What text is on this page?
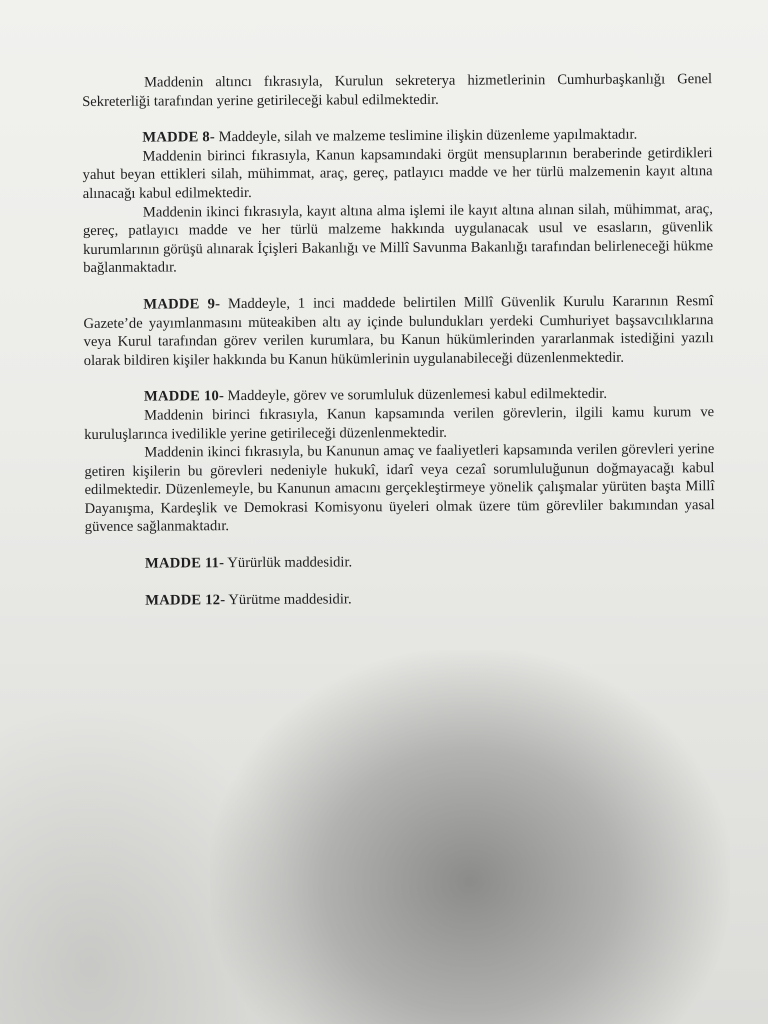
Maddenin altıncı fıkrasıyla, Kurulun sekreterya hizmetlerinin Cumhurbaşkanlığı Genel Sekreterliği tarafından yerine getirileceği kabul edilmektedir.

MADDE 8- Maddeyle, silah ve malzeme teslimine ilişkin düzenleme yapılmaktadır.

Maddenin birinci fıkrasıyla, Kanun kapsamındaki örgüt mensuplarının beraberinde getirdikleri yahut beyan ettikleri silah, mühimmat, araç, gereç, patlayıcı madde ve her türlü malzemenin kayıt altına alınacağı kabul edilmektedir.

Maddenin ikinci fıkrasıyla, kayıt altına alma işlemi ile kayıt altına alınan silah, mühimmat, araç, gereç, patlayıcı madde ve her türlü malzeme hakkında uygulanacak usul ve esasların, güvenlik kurumlarının görüşü alınarak İçişleri Bakanlığı ve Millî Savunma Bakanlığı tarafından belirleneceği hükme bağlanmaktadır.

MADDE 9- Maddeyle, 1 inci maddede belirtilen Millî Güvenlik Kurulu Kararının Resmî Gazete’de yayımlanmasını müteakiben altı ay içinde bulundukları yerdeki Cumhuriyet başsavcılıklarına veya Kurul tarafından görev verilen kurumlara, bu Kanun hükümlerinden yararlanmak istediğini yazılı olarak bildiren kişiler hakkında bu Kanun hükümlerinin uygulanabileceği düzenlenmektedir.

MADDE 10- Maddeyle, görev ve sorumluluk düzenlemesi kabul edilmektedir.

Maddenin birinci fıkrasıyla, Kanun kapsamında verilen görevlerin, ilgili kamu kurum ve kuruluşlarınca ivedilikle yerine getirileceği düzenlenmektedir.

Maddenin ikinci fıkrasıyla, bu Kanunun amaç ve faaliyetleri kapsamında verilen görevleri yerine getiren kişilerin bu görevleri nedeniyle hukukî, idarî veya cezaî sorumluluğunun doğmayacağı kabul edilmektedir. Düzenlemeyle, bu Kanunun amacını gerçekleştirmeye yönelik çalışmalar yürüten başta Millî Dayanışma, Kardeşlik ve Demokrasi Komisyonu üyeleri olmak üzere tüm görevliler bakımından yasal güvence sağlanmaktadır.

MADDE 11- Yürürlük maddesidir.

MADDE 12- Yürütme maddesidir.
